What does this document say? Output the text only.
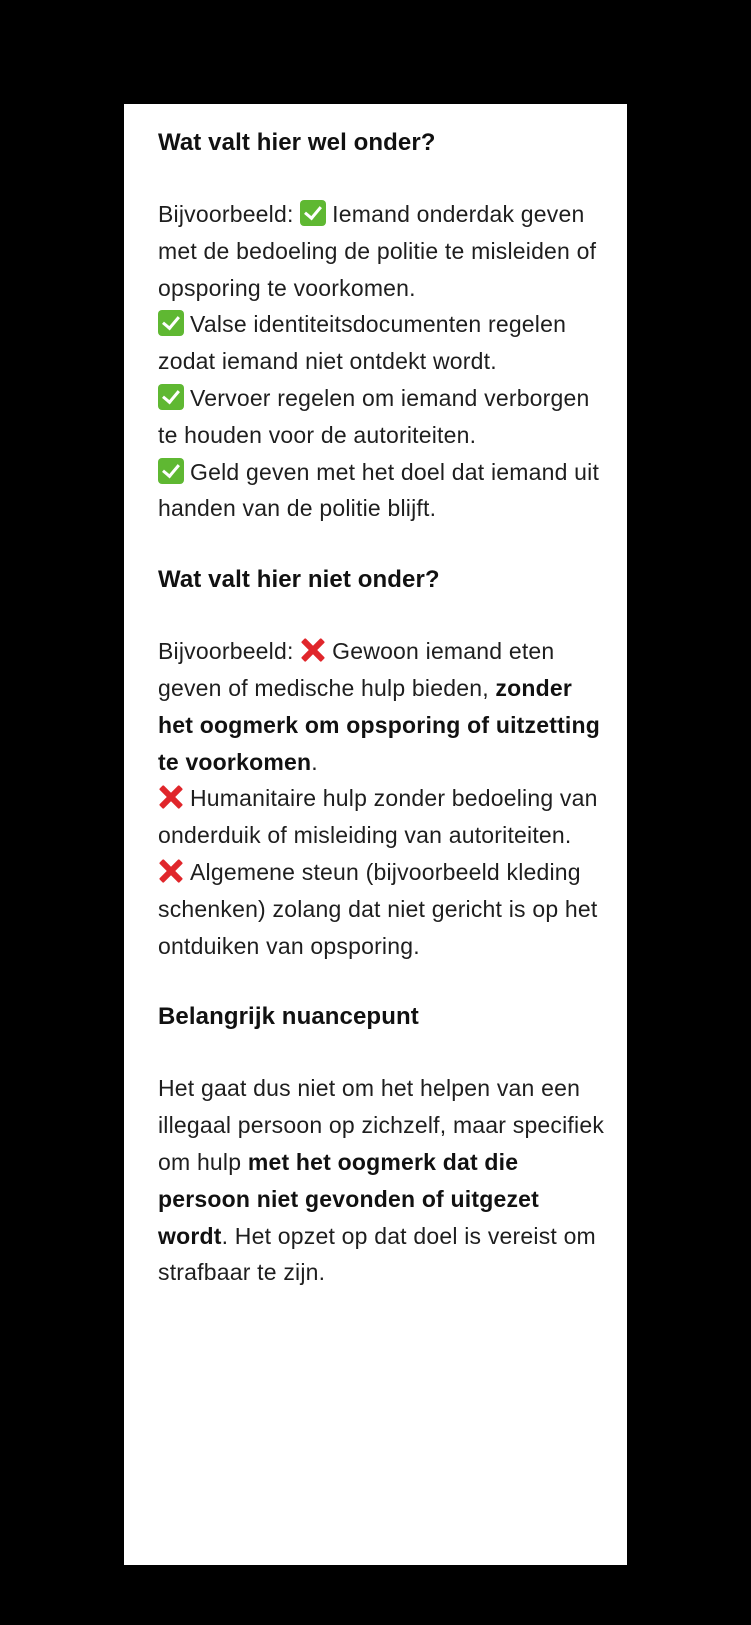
Wat valt hier wel onder?

Bijvoorbeeld: Iemand onderdak geven met de bedoeling de politie te misleiden of opsporing te voorkomen.
Valse identiteitsdocumenten regelen zodat iemand niet ontdekt wordt.
Vervoer regelen om iemand verborgen te houden voor de autoriteiten.
Geld geven met het doel dat iemand uit handen van de politie blijft.

Wat valt hier niet onder?

Bijvoorbeeld: Gewoon iemand eten geven of medische hulp bieden, zonder het oogmerk om opsporing of uitzetting te voorkomen.
Humanitaire hulp zonder bedoeling van onderduik of misleiding van autoriteiten.
Algemene steun (bijvoorbeeld kleding schenken) zolang dat niet gericht is op het ontduiken van opsporing.

Belangrijk nuancepunt

Het gaat dus niet om het helpen van een illegaal persoon op zichzelf, maar specifiek om hulp met het oogmerk dat die persoon niet gevonden of uitgezet wordt. Het opzet op dat doel is vereist om strafbaar te zijn.
